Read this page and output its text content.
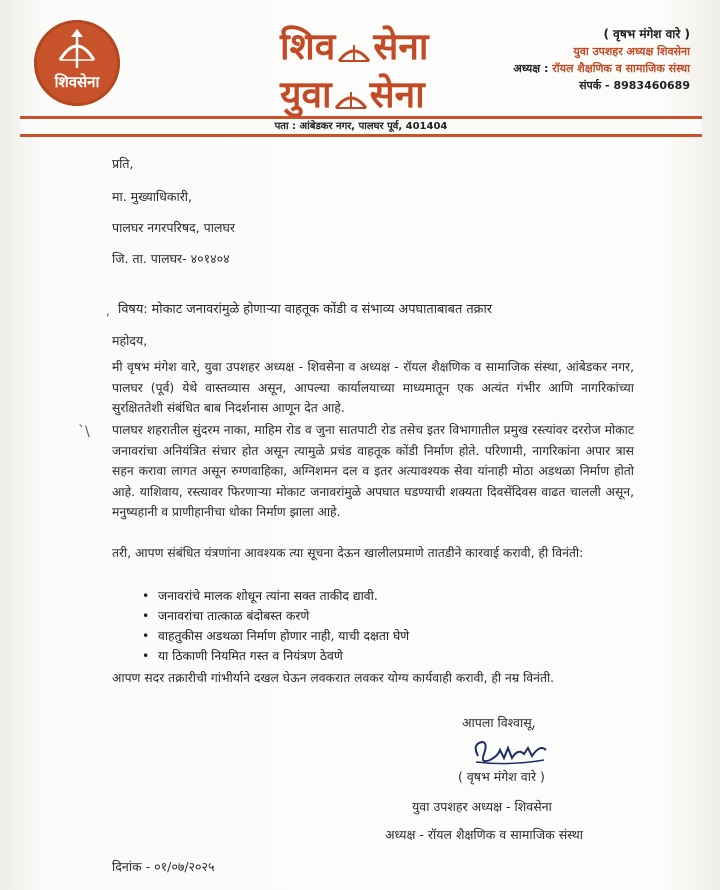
शिवसेना
शिव सेना
युवा सेना
( वृषभ मंगेश वारे )
युवा उपशहर अध्यक्ष शिवसेना
अध्यक्ष : रॉयल शैक्षणिक व सामाजिक संस्था
संपर्क - 8983460689
पता : आंबेडकर नगर, पालघर पूर्व, 401404
प्रति,
मा. मुख्याधिकारी,
पालघर नगरपरिषद, पालघर
जि. ता. पालघर- ४०१४०४
, विषय: मोकाट जनावरांमुळे होणाऱ्या वाहतूक कोंडी व संभाव्य अपघाताबाबत तक्रार
महोदय,
मी वृषभ मंगेश वारे, युवा उपशहर अध्यक्ष - शिवसेना व अध्यक्ष - रॉयल शैक्षणिक व सामाजिक संस्था, आंबेडकर नगर, पालघर (पूर्व) येथे वास्तव्यास असून, आपल्या कार्यालयाच्या माध्यमातून एक अत्यंत गंभीर आणि नागरिकांच्या सुरक्षिततेशी संबंधित बाब निदर्शनास आणून देत आहे.
`\ पालघर शहरातील सुंदरम नाका, माहिम रोड व जुना सातपाटी रोड तसेच इतर विभागातील प्रमुख रस्त्यांवर दररोज मोकाट जनावरांचा अनियंत्रित संचार होत असून त्यामुळे प्रचंड वाहतूक कोंडी निर्माण होते. परिणामी, नागरिकांना अपार त्रास सहन करावा लागत असून रुग्णवाहिका, अग्निशमन दल व इतर अत्यावश्यक सेवा यांनाही मोठा अडथळा निर्माण होतो आहे. याशिवाय, रस्त्यावर फिरणाऱ्या मोकाट जनावरांमुळे अपघात घडण्याची शक्यता दिवसेंदिवस वाढत चालली असून, मनुष्यहानी व प्राणीहानीचा धोका निर्माण झाला आहे.
तरी, आपण संबंधित यंत्रणांना आवश्यक त्या सूचना देऊन खालीलप्रमाणे तातडीने कारवाई करावी, ही विनंती:
• जनावरांचे मालक शोधून त्यांना सक्त ताकीद द्यावी.
• जनावरांचा तात्काळ बंदोबस्त करणे
• वाहतुकीस अडथळा निर्माण होणार नाही, याची दक्षता घेणे
• या ठिकाणी नियमित गस्त व नियंत्रण ठेवणे
आपण सदर तक्रारीची गांभीर्याने दखल घेऊन लवकरात लवकर योग्य कार्यवाही करावी, ही नम्र विनंती.
आपला विश्वासू,
( वृषभ मंगेश वारे )
युवा उपशहर अध्यक्ष - शिवसेना
अध्यक्ष - रॉयल शैक्षणिक व सामाजिक संस्था
दिनांक - ०१/०७/२०२५
